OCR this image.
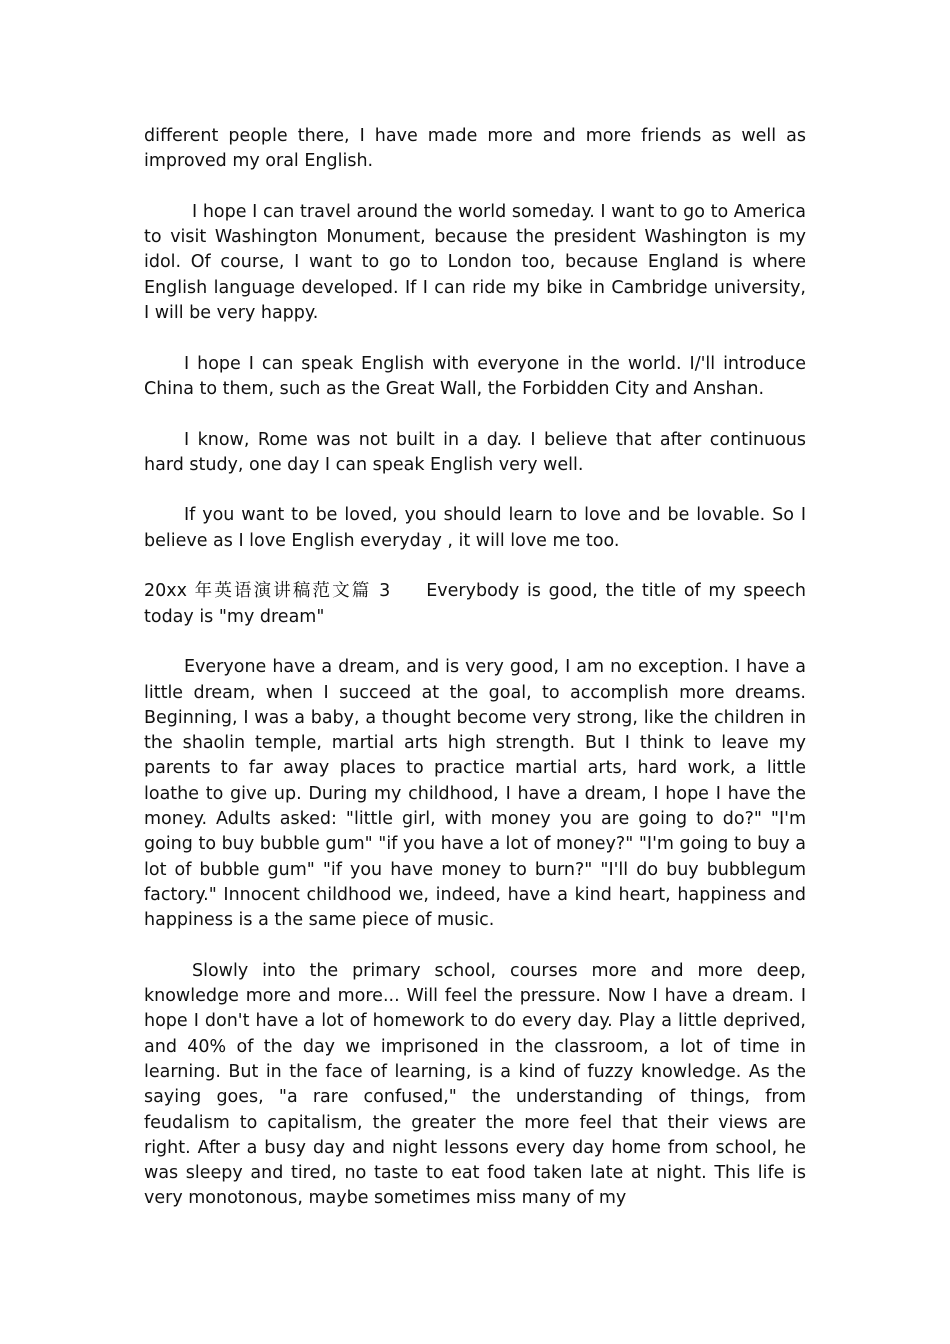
different people there, I have made more and more friends as well as improved my oral English.

I hope I can travel around the world someday. I want to go to America to visit Washington Monument, because the president Washington is my idol. Of course, I want to go to London too, because England is where English language developed. If I can ride my bike in Cambridge university, I will be very happy.

I hope I can speak English with everyone in the world. I/'ll introduce China to them, such as the Great Wall, the Forbidden City and Anshan.

I know, Rome was not built in a day. I believe that after continuous hard study, one day I can speak English very well.

If you want to be loved, you should learn to love and be lovable. So I believe as I love English everyday , it will love me too.

20xx 年英语演讲稿范文篇 3 Everybody is good, the title of my speech today is "my dream"

Everyone have a dream, and is very good, I am no exception. I have a little dream, when I succeed at the goal, to accomplish more dreams. Beginning, I was a baby, a thought become very strong, like the children in the shaolin temple, martial arts high strength. But I think to leave my parents to far away places to practice martial arts, hard work, a little loathe to give up. During my childhood, I have a dream, I hope I have the money. Adults asked: "little girl, with money you are going to do?" "I'm going to buy bubble gum" "if you have a lot of money?" "I'm going to buy a lot of bubble gum" "if you have money to burn?" "I'll do buy bubblegum factory." Innocent childhood we, indeed, have a kind heart, happiness and happiness is a the same piece of music.

Slowly into the primary school, courses more and more deep, knowledge more and more... Will feel the pressure. Now I have a dream. I hope I don't have a lot of homework to do every day. Play a little deprived, and 40% of the day we imprisoned in the classroom, a lot of time in learning. But in the face of learning, is a kind of fuzzy knowledge. As the saying goes, "a rare confused," the understanding of things, from feudalism to capitalism, the greater the more feel that their views are right. After a busy day and night lessons every day home from school, he was sleepy and tired, no taste to eat food taken late at night. This life is very monotonous, maybe sometimes miss many of my
